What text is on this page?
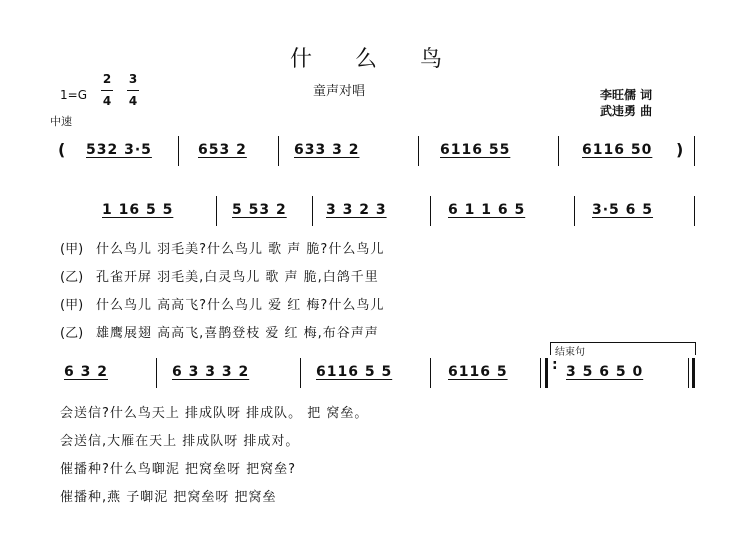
什 么 鸟
童声对唱	李旺儒 词
武违勇 曲
1=G
2
4
3
4
中速
( 532 3·5	653 2	633 3 2	6116 55	6116 50 )
1 16 5 5	5 53 2	3 3 2 3	6 1 1 6 5	3·5 6 5
(甲) 什么鸟儿 羽毛美?什么鸟儿 歌 声 脆?什么鸟儿
(乙) 孔雀开屏 羽毛美,白灵鸟儿 歌 声 脆,白鸽千里
(甲) 什么鸟儿 高高飞?什么鸟儿 爱 红 梅?什么鸟儿
(乙) 雄鹰展翅 高高飞,喜鹊登枝 爱 红 梅,布谷声声
结束句
6 3 2	6 3 3 3 2	6116 5 5	6116 5	: 3 5 6 5 0
会送信?什么鸟天上 排成队呀 排成队。 把 窝垒。
会送信,大雁在天上 排成队呀 排成对。
催播种?什么鸟啣泥 把窝垒呀 把窝垒?
催播种,燕 子啣泥 把窝垒呀 把窝垒
